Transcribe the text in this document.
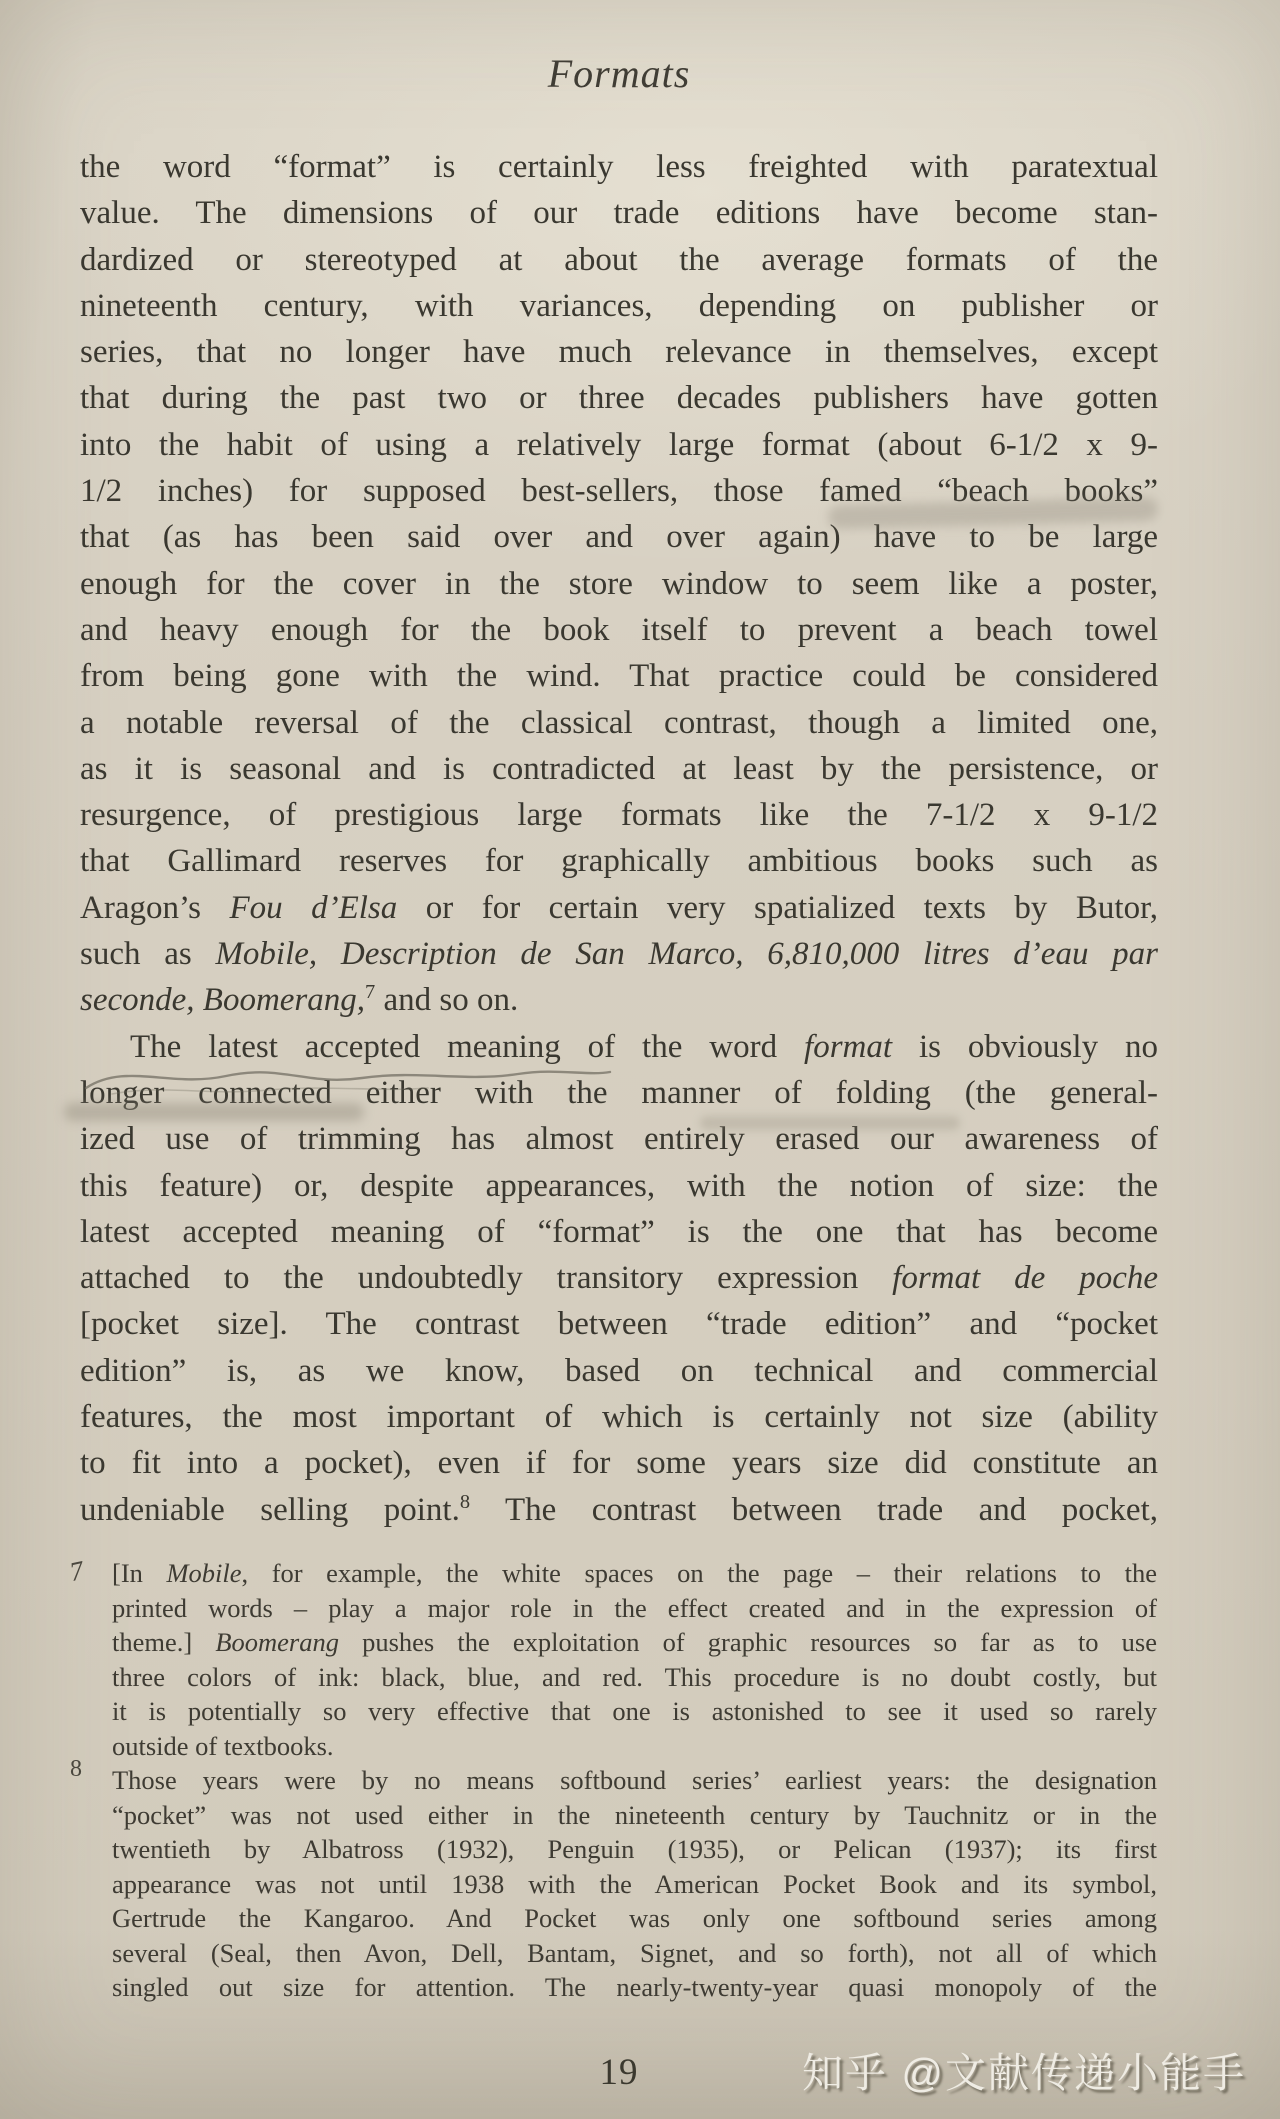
Formats
the word “format” is certainly less freighted with paratextual
value. The dimensions of our trade editions have become stan-
dardized or stereotyped at about the average formats of the
nineteenth century, with variances, depending on publisher or
series, that no longer have much relevance in themselves, except
that during the past two or three decades publishers have gotten
into the habit of using a relatively large format (about 6-1/2 x 9-
1/2 inches) for supposed best-sellers, those famed “beach books”
that (as has been said over and over again) have to be large
enough for the cover in the store window to seem like a poster,
and heavy enough for the book itself to prevent a beach towel
from being gone with the wind. That practice could be considered
a notable reversal of the classical contrast, though a limited one,
as it is seasonal and is contradicted at least by the persistence, or
resurgence, of prestigious large formats like the 7-1/2 x 9-1/2
that Gallimard reserves for graphically ambitious books such as
Aragon’s Fou d’Elsa or for certain very spatialized texts by Butor,
such as Mobile, Description de San Marco, 6,810,000 litres d’eau par
seconde, Boomerang,$^7$ and so on.
The latest accepted meaning of the word format is obviously no
longer connected either with the manner of folding (the general-
ized use of trimming has almost entirely erased our awareness of
this feature) or, despite appearances, with the notion of size: the
latest accepted meaning of “format” is the one that has become
attached to the undoubtedly transitory expression format de poche
[pocket size]. The contrast between “trade edition” and “pocket
edition” is, as we know, based on technical and commercial
features, the most important of which is certainly not size (ability
to fit into a pocket), even if for some years size did constitute an
undeniable selling point.$^8$ The contrast between trade and pocket,
7 [In Mobile, for example, the white spaces on the page – their relations to the
printed words – play a major role in the effect created and in the expression of
theme.] Boomerang pushes the exploitation of graphic resources so far as to use
three colors of ink: black, blue, and red. This procedure is no doubt costly, but
it is potentially so very effective that one is astonished to see it used so rarely
outside of textbooks.
8 Those years were by no means softbound series’ earliest years: the designation
“pocket” was not used either in the nineteenth century by Tauchnitz or in the
twentieth by Albatross (1932), Penguin (1935), or Pelican (1937); its first
appearance was not until 1938 with the American Pocket Book and its symbol,
Gertrude the Kangaroo. And Pocket was only one softbound series among
several (Seal, then Avon, Dell, Bantam, Signet, and so forth), not all of which
singled out size for attention. The nearly-twenty-year quasi monopoly of the
19	知乎 @文献传递小能手
